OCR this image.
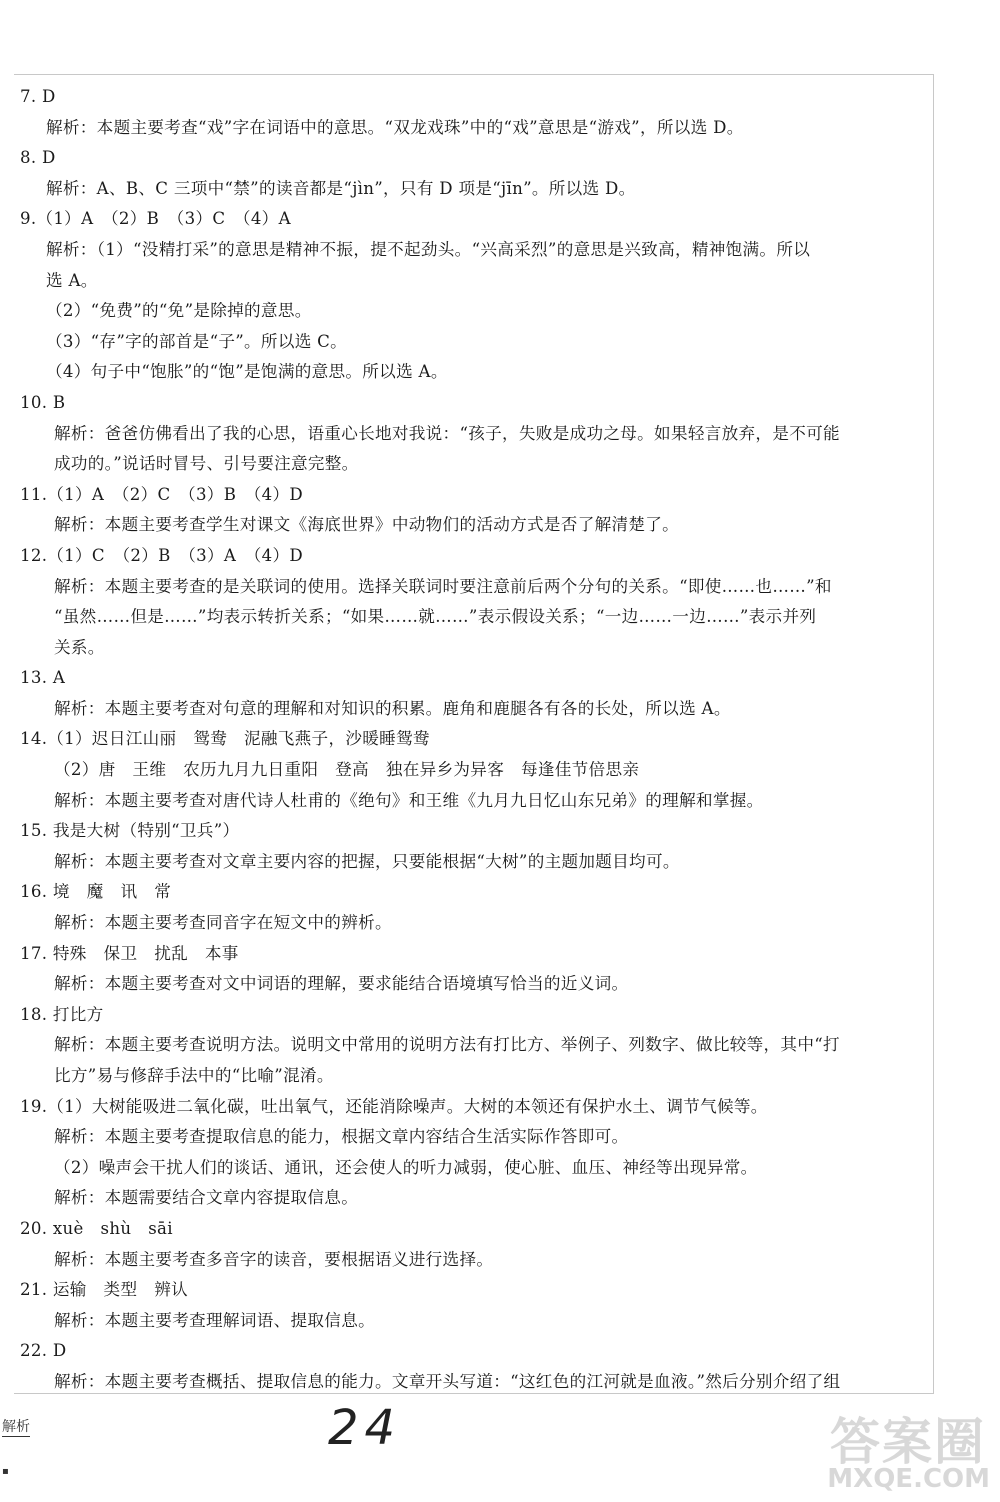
7. D
解析：本题主要考查“戏”字在词语中的意思。“双龙戏珠”中的“戏”意思是“游戏”，所以选 D。
8. D
解析：A、B、C 三项中“禁”的读音都是“jìn”，只有 D 项是“jīn”。所以选 D。
9.（1）A　（2）B　（3）C　（4）A
解析：（1）“没精打采”的意思是精神不振，提不起劲头。“兴高采烈”的意思是兴致高，精神饱满。所以
选 A。
（2）“免费”的“免”是除掉的意思。
（3）“存”字的部首是“子”。所以选 C。
（4）句子中“饱胀”的“饱”是饱满的意思。所以选 A。
10. B
解析：爸爸仿佛看出了我的心思，语重心长地对我说：“孩子，失败是成功之母。如果轻言放弃，是不可能
成功的。”说话时冒号、引号要注意完整。
11.（1）A　（2）C　（3）B　（4）D
解析：本题主要考查学生对课文《海底世界》中动物们的活动方式是否了解清楚了。
12.（1）C　（2）B　（3）A　（4）D
解析：本题主要考查的是关联词的使用。选择关联词时要注意前后两个分句的关系。“即使……也……”和
“虽然……但是……”均表示转折关系；“如果……就……”表示假设关系；“一边……一边……”表示并列
关系。
13. A
解析：本题主要考查对句意的理解和对知识的积累。鹿角和鹿腿各有各的长处，所以选 A。
14.（1）迟日江山丽　鸳鸯　泥融飞燕子，沙暖睡鸳鸯
（2）唐　王维　农历九月九日重阳　登高　独在异乡为异客　每逢佳节倍思亲
解析：本题主要考查对唐代诗人杜甫的《绝句》和王维《九月九日忆山东兄弟》的理解和掌握。
15. 我是大树（特别“卫兵”）
解析：本题主要考查对文章主要内容的把握，只要能根据“大树”的主题加题目均可。
16. 境　魔　讯　常
解析：本题主要考查同音字在短文中的辨析。
17. 特殊　保卫　扰乱　本事
解析：本题主要考查对文中词语的理解，要求能结合语境填写恰当的近义词。
18. 打比方
解析：本题主要考查说明方法。说明文中常用的说明方法有打比方、举例子、列数字、做比较等，其中“打
比方”易与修辞手法中的“比喻”混淆。
19.（1）大树能吸进二氧化碳，吐出氧气，还能消除噪声。大树的本领还有保护水土、调节气候等。
解析：本题主要考查提取信息的能力，根据文章内容结合生活实际作答即可。
（2）噪声会干扰人们的谈话、通讯，还会使人的听力减弱，使心脏、血压、神经等出现异常。
解析：本题需要结合文章内容提取信息。
20. xuè　shù　sāi
解析：本题主要考查多音字的读音，要根据语义进行选择。
21. 运输　类型　辨认
解析：本题主要考查理解词语、提取信息。
22. D
解析：本题主要考查概括、提取信息的能力。文章开头写道：“这红色的江河就是血液。”然后分别介绍了组
解析
▪
24	答案圈
MXQE.COM
